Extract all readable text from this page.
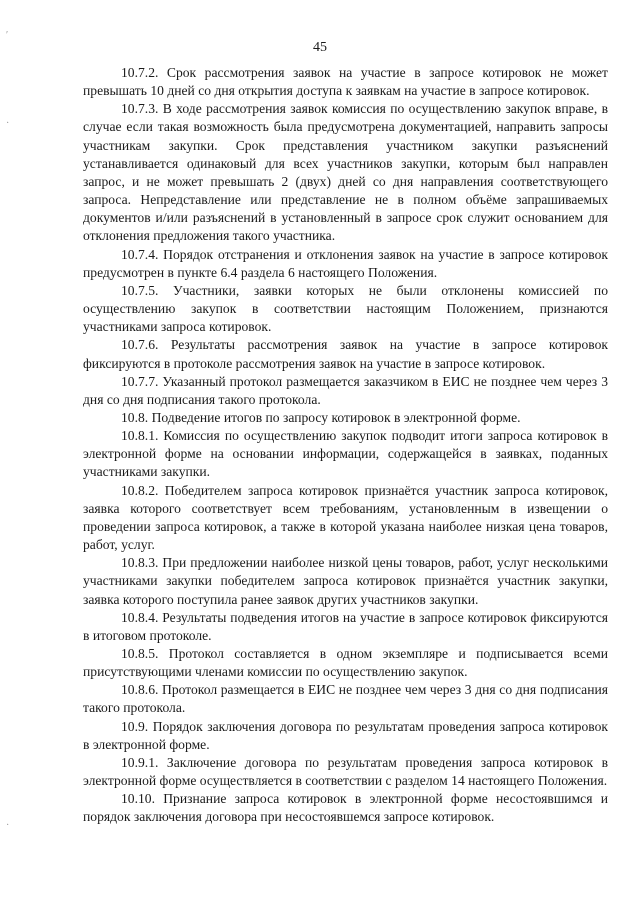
′
·
·
45

10.7.2. Срок рассмотрения заявок на участие в запросе котировок не может превышать 10 дней со дня открытия доступа к заявкам на участие в запросе котировок.

10.7.3. В ходе рассмотрения заявок комиссия по осуществлению закупок вправе, в случае если такая возможность была предусмотрена документацией, направить запросы участникам закупки. Срок представления участником закупки разъяснений устанавливается одинаковый для всех участников закупки, которым был направлен запрос, и не может превышать 2 (двух) дней со дня направления соответствующего запроса. Непредставление или представление не в полном объёме запрашиваемых документов и/или разъяснений в установленный в запросе срок служит основанием для отклонения предложения такого участника.

10.7.4. Порядок отстранения и отклонения заявок на участие в запросе котировок предусмотрен в пункте 6.4 раздела 6 настоящего Положения.

10.7.5. Участники, заявки которых не были отклонены комиссией по осуществлению закупок в соответствии настоящим Положением, признаются участниками запроса котировок.

10.7.6. Результаты рассмотрения заявок на участие в запросе котировок фиксируются в протоколе рассмотрения заявок на участие в запросе котировок.

10.7.7. Указанный протокол размещается заказчиком в ЕИС не позднее чем через 3 дня со дня подписания такого протокола.

10.8. Подведение итогов по запросу котировок в электронной форме.

10.8.1. Комиссия по осуществлению закупок подводит итоги запроса котировок в электронной форме на основании информации, содержащейся в заявках, поданных участниками закупки.

10.8.2. Победителем запроса котировок признаётся участник запроса котировок, заявка которого соответствует всем требованиям, установленным в извещении о проведении запроса котировок, а также в которой указана наиболее низкая цена товаров, работ, услуг.

10.8.3. При предложении наиболее низкой цены товаров, работ, услуг несколькими участниками закупки победителем запроса котировок признаётся участник закупки, заявка которого поступила ранее заявок других участников закупки.

10.8.4. Результаты подведения итогов на участие в запросе котировок фиксируются в итоговом протоколе.

10.8.5. Протокол составляется в одном экземпляре и подписывается всеми присутствующими членами комиссии по осуществлению закупок.

10.8.6. Протокол размещается в ЕИС не позднее чем через 3 дня со дня подписания такого протокола.

10.9. Порядок заключения договора по результатам проведения запроса котировок в электронной форме.

10.9.1. Заключение договора по результатам проведения запроса котировок в электронной форме осуществляется в соответствии с разделом 14 настоящего Положения.

10.10. Признание запроса котировок в электронной форме несостоявшимся и порядок заключения договора при несостоявшемся запросе котировок.
